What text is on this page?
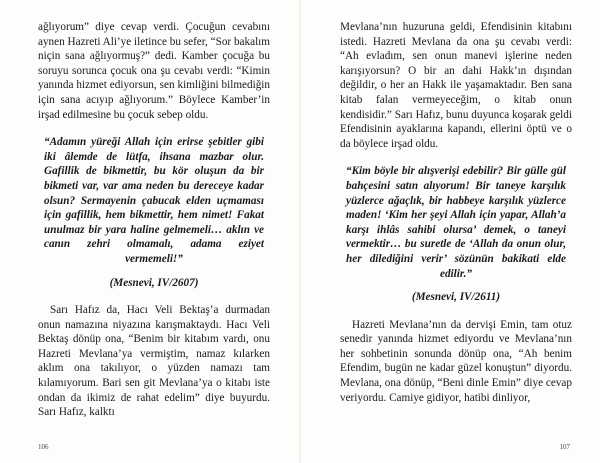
ağlıyorum” diye cevap verdi. Çocuğun cevabını aynen Hazreti Ali’ye iletince bu sefer, “Sor bakalım niçin sana ağlıyormuş?” dedi. Kamber çocuğa bu soruyu sorunca çocuk ona şu cevabı verdi: “Kimin yanında hizmet ediyorsun, sen kimliğini bilmediğin için sana acıyıp ağlıyorum.” Böylece Kamber’in irşad edilmesine bu çocuk sebep oldu.

“Adamın yüreği Allah için erirse şebitler gibi iki âlemde de lütfa, ihsana mazbar olur. Gafillik de bikmettir, bu kör oluşun da bir bikmeti var, var ama neden bu dereceye kadar olsun? Sermayenin çabucak elden uçmaması için gafillik, hem bikmettir, hem nimet! Fakat unulmaz bir yara haline gelmemeli… aklın ve canın zehri olmamalı, adama eziyet vermemeli!”

(Mesnevi, IV/2607)

Sarı Hafız da, Hacı Veli Bektaş’a durmadan onun namazına niyazına karışmaktaydı. Hacı Veli Bektaş dönüp ona, “Benim bir kitabım vardı, onu Hazreti Mevlana’ya vermiştim, namaz kılarken aklım ona takılıyor, o yüzden namazı tam kılamıyorum. Bari sen git Mevlana’ya o kitabı iste ondan da ikimiz de rahat edelim” diye buyurdu. Sarı Hafız, kalktı

Mevlana’nın huzuruna geldi, Efendisinin kitabını istedi. Hazreti Mevlana da ona şu cevabı verdi: “Ah evladım, sen onun manevi işlerine neden karışıyorsun? O bir an dahi Hakk’ın dışından değildir, o her an Hakk ile yaşamaktadır. Ben sana kitab falan vermeyeceğim, o kitab onun kendisidir.” Sarı Hafız, bunu duyunca koşarak geldi Efendisinin ayaklarına kapandı, ellerini öptü ve o da böylece irşad oldu.

“Kim böyle bir alışverişi edebilir? Bir gülle gül bahçesini satın alıyorum! Bir taneye karşılık yüzlerce ağaçlık, bir habbeye karşılık yüzlerce maden! ‘Kim her şeyi Allah için yapar, Allah’a karşı ihlâs sahibi olursa’ demek, o taneyi vermektir… bu suretle de ‘Allah da onun olur, her dilediğini verir’ sözünün bakikati elde edilir.”

(Mesnevi, IV/2611)

Hazreti Mevlana’nın da dervişi Emin, tam otuz senedir yanında hizmet ediyordu ve Mevlana’nın her sohbetinin sonunda dönüp ona, “Ah benim Efendim, bugün ne kadar güzel konuştun” diyordu. Mevlana, ona dönüp, “Beni dinle Emin” diye cevap veriyordu. Camiye gidiyor, hatibi dinliyor,

106	107
